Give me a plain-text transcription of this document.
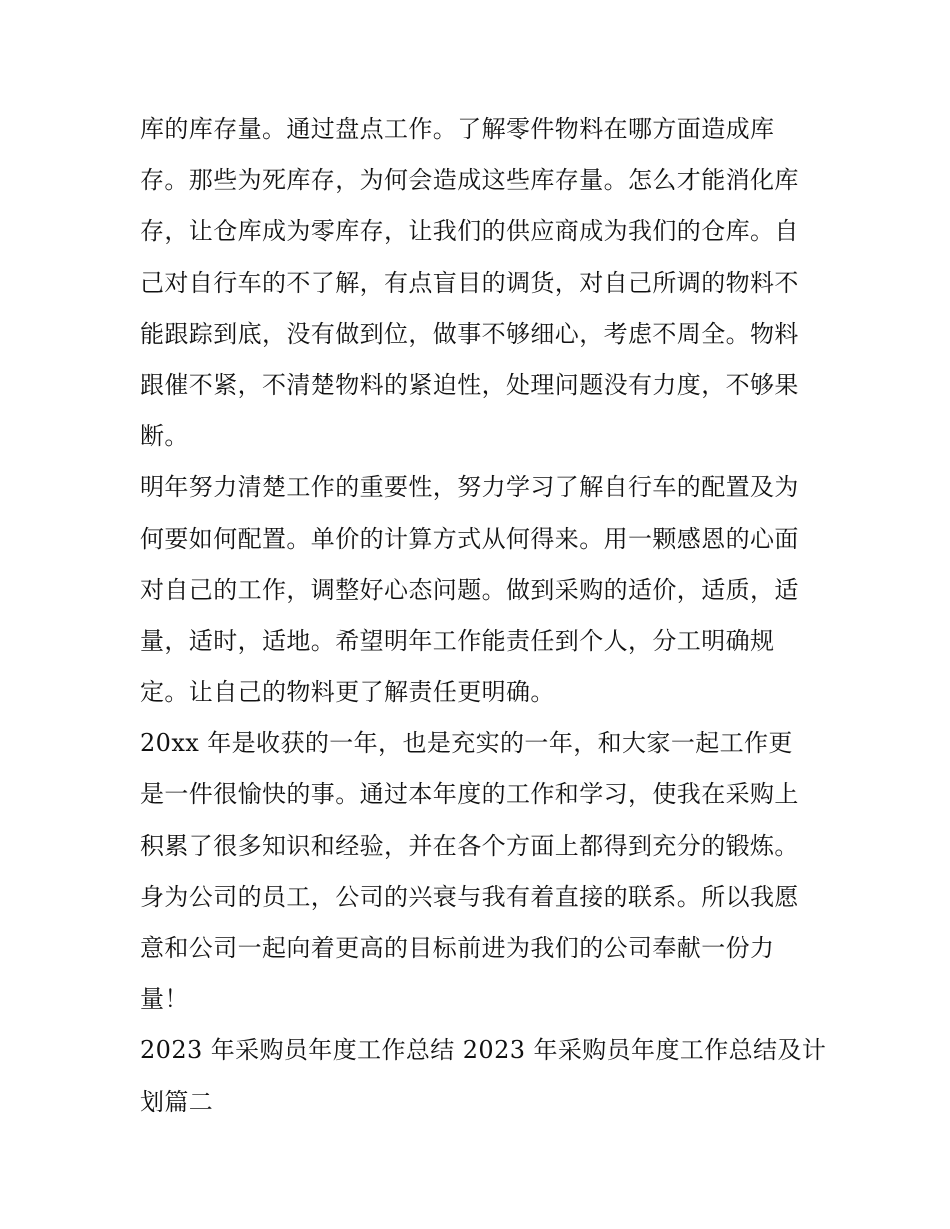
库的库存量。通过盘点工作。了解零件物料在哪方面造成库

存。那些为死库存，为何会造成这些库存量。怎么才能消化库

存，让仓库成为零库存，让我们的供应商成为我们的仓库。自

己对自行车的不了解，有点盲目的调货，对自己所调的物料不

能跟踪到底，没有做到位，做事不够细心，考虑不周全。物料

跟催不紧，不清楚物料的紧迫性，处理问题没有力度，不够果

断。

明年努力清楚工作的重要性，努力学习了解自行车的配置及为

何要如何配置。单价的计算方式从何得来。用一颗感恩的心面

对自己的工作，调整好心态问题。做到采购的适价，适质，适

量，适时，适地。希望明年工作能责任到个人，分工明确规

定。让自己的物料更了解责任更明确。

20xx 年是收获的一年，也是充实的一年，和大家一起工作更

是一件很愉快的事。通过本年度的工作和学习，使我在采购上

积累了很多知识和经验，并在各个方面上都得到充分的锻炼。

身为公司的员工，公司的兴衰与我有着直接的联系。所以我愿

意和公司一起向着更高的目标前进为我们的公司奉献一份力

量！

2023 年采购员年度工作总结 2023 年采购员年度工作总结及计

划篇二
